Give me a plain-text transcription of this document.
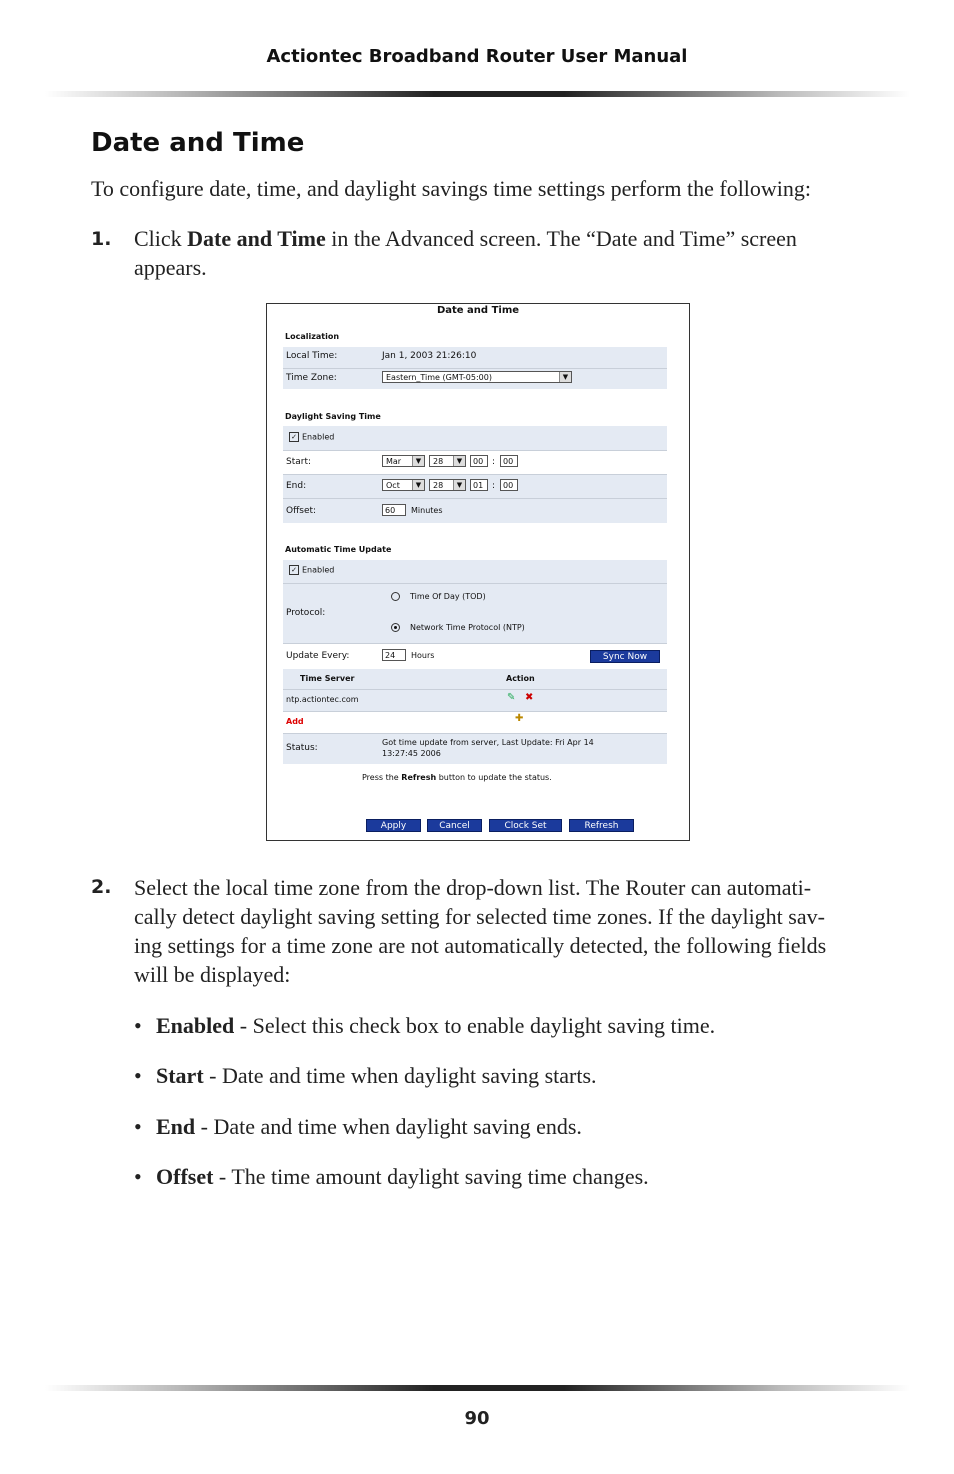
Actiontec Broadband Router User Manual
Date and Time
To configure date, time, and daylight savings time settings perform the following:
1. Click Date and Time in the Advanced screen. The “Date and Time” screen
appears.
Date and Time
Localization
Local Time:	Jan 1, 2003 21:26:10
Time Zone:	Eastern_Time (GMT-05:00)	▼
Daylight Saving Time
✓ Enabled
Start:	Mar	▼	28	▼	00 : 00
End:	Oct	▼	28	▼	01 : 00
Offset:	60	Minutes
Automatic Time Update
✓ Enabled
Protocol:
Time Of Day (TOD)
Network Time Protocol (NTP)
Update Every:	24	Hours	Sync Now
Time Server	Action
ntp.actiontec.com	✎ ✖
Add	✚
Status:
Got time update from server, Last Update: Fri Apr 14
13:27:45 2006
Press the Refresh button to update the status.
Apply	Cancel	Clock Set	Refresh
2. Select the local time zone from the drop-down list. The Router can automati-
cally detect daylight saving setting for selected time zones. If the daylight sav-
ing settings for a time zone are not automatically detected, the following fields
will be displayed:
• Enabled - Select this check box to enable daylight saving time.
• Start - Date and time when daylight saving starts.
• End - Date and time when daylight saving ends.
• Offset - The time amount daylight saving time changes.
90
